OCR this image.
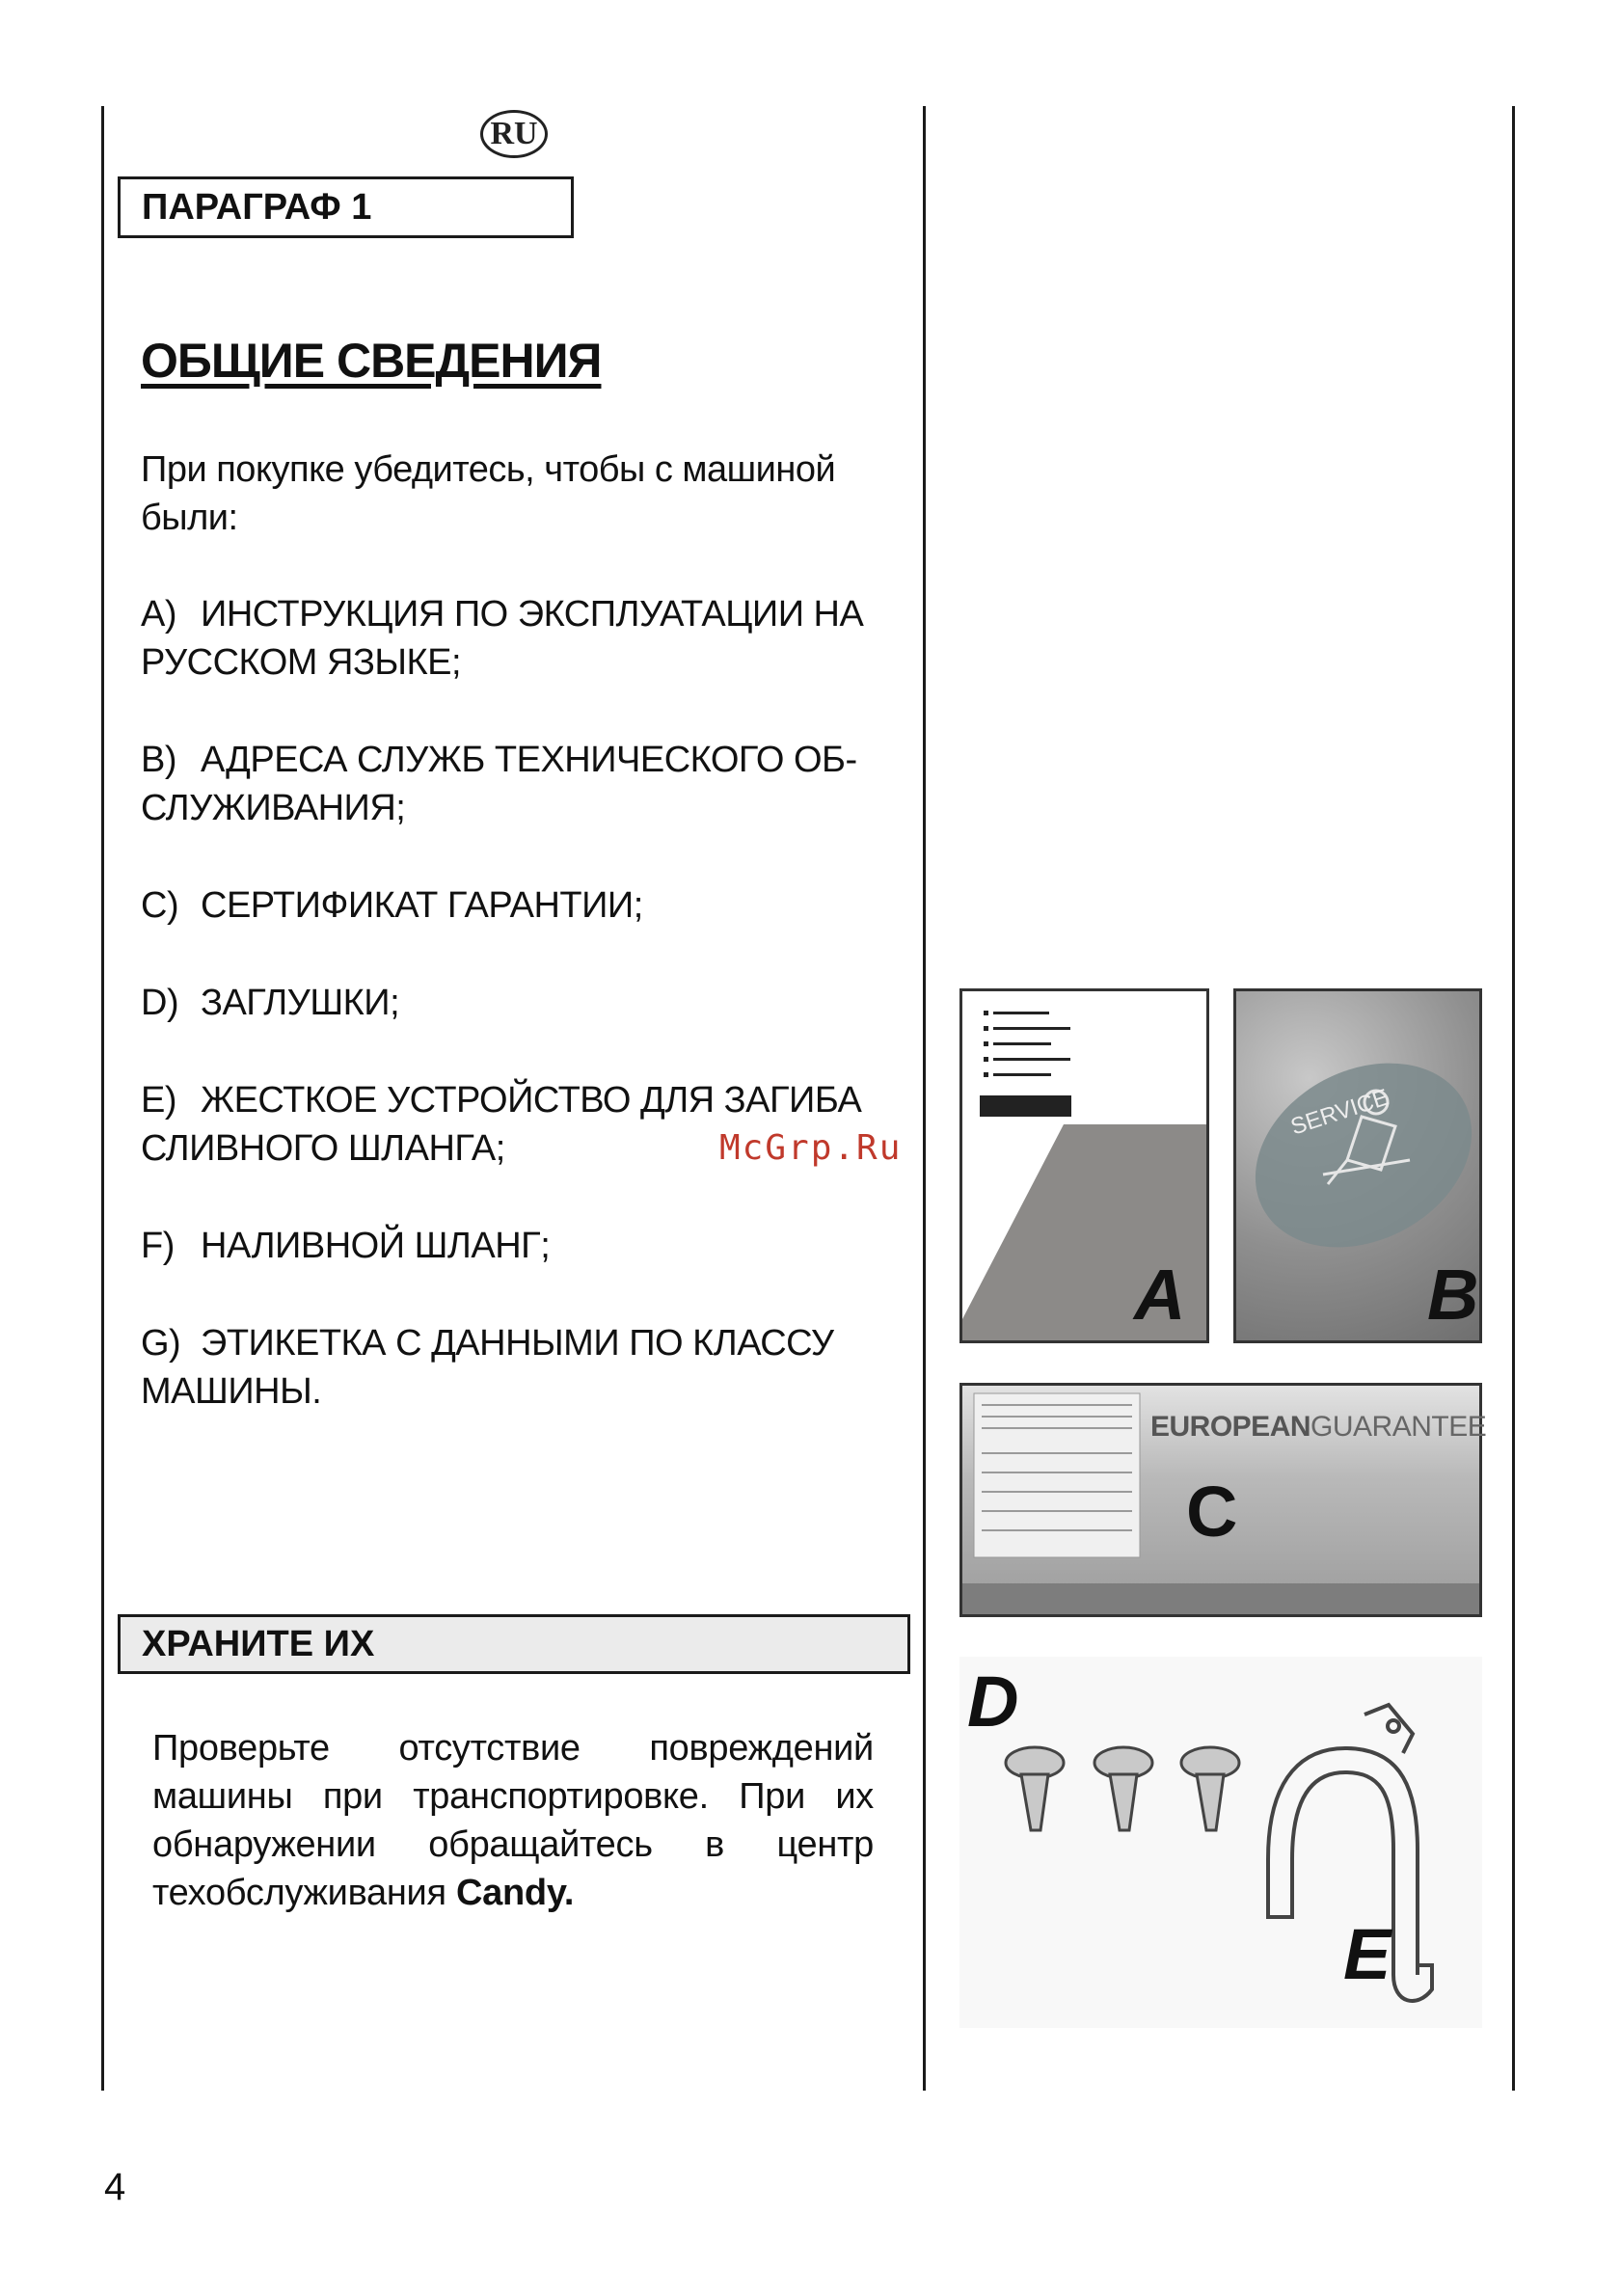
RU
ПАРАГРАФ 1
ОБЩИЕ СВЕДЕНИЯ
При покупке убедитесь, чтобы с машиной
были:
A) ИНСТРУКЦИЯ ПО ЭКСПЛУАТАЦИИ НА
РУССКОМ ЯЗЫКЕ;
B) АДРЕСА СЛУЖБ ТЕХНИЧЕСКОГО ОБ-
СЛУЖИВАНИЯ;
C) СЕРТИФИКАТ ГАРАНТИИ;
D) ЗАГЛУШКИ;
E) ЖЕСТКОЕ УСТРОЙСТВО ДЛЯ ЗАГИБА
СЛИВНОГО ШЛАНГА;
F) НАЛИВНОЙ ШЛАНГ;
G) ЭТИКЕТКА С ДАННЫМИ ПО КЛАССУ
МАШИНЫ.
McGrp.Ru
ХРАНИТЕ ИХ
Проверьте отсутствие повреждений машины при транспортировке. При их обнаружении обращайтесь в центр техобслуживания Candy.
A
SERVICE
B
EUROPEANGUARANTEE
C
D
E
4
